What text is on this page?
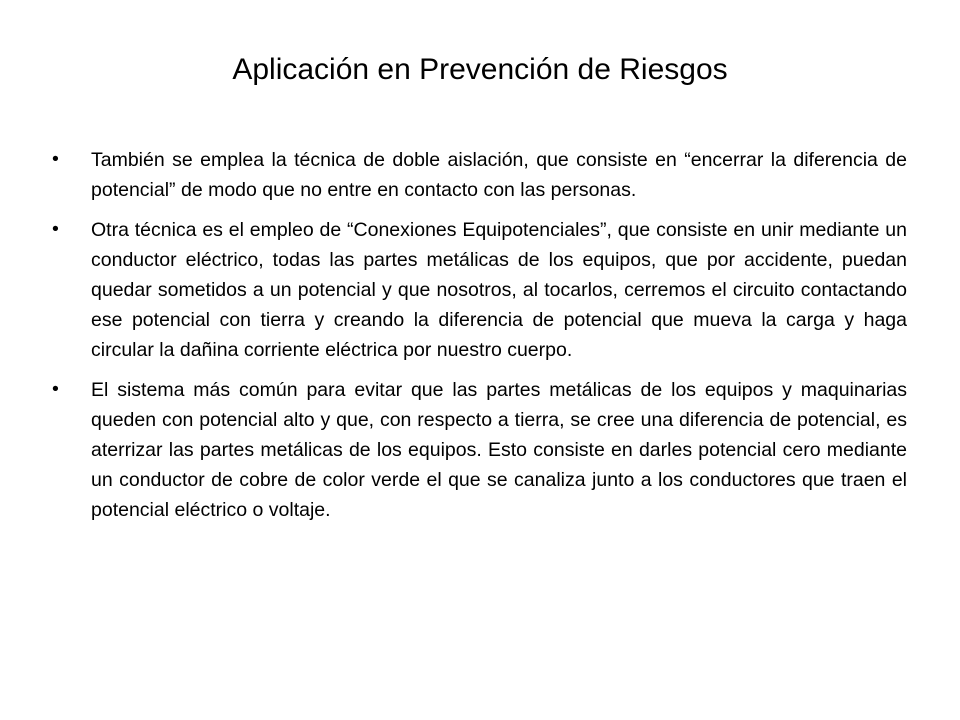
Aplicación en Prevención de Riesgos
• También se emplea la técnica de doble aislación, que consiste en “encerrar la diferencia de potencial” de modo que no entre en contacto con las personas.
• Otra técnica es el empleo de “Conexiones Equipotenciales”, que consiste en unir mediante un conductor eléctrico, todas las partes metálicas de los equipos, que por accidente, puedan quedar sometidos a un potencial y que nosotros, al tocarlos, cerremos el circuito contactando ese potencial con tierra y creando la diferencia de potencial que mueva la carga y haga circular la dañina corriente eléctrica por nuestro cuerpo.
• El sistema más común para evitar que las partes metálicas de los equipos y maquinarias queden con potencial alto y que, con respecto a tierra, se cree una diferencia de potencial, es aterrizar las partes metálicas de los equipos. Esto consiste en darles potencial cero mediante un conductor de cobre de color verde el que se canaliza junto a los conductores que traen el potencial eléctrico o voltaje.
